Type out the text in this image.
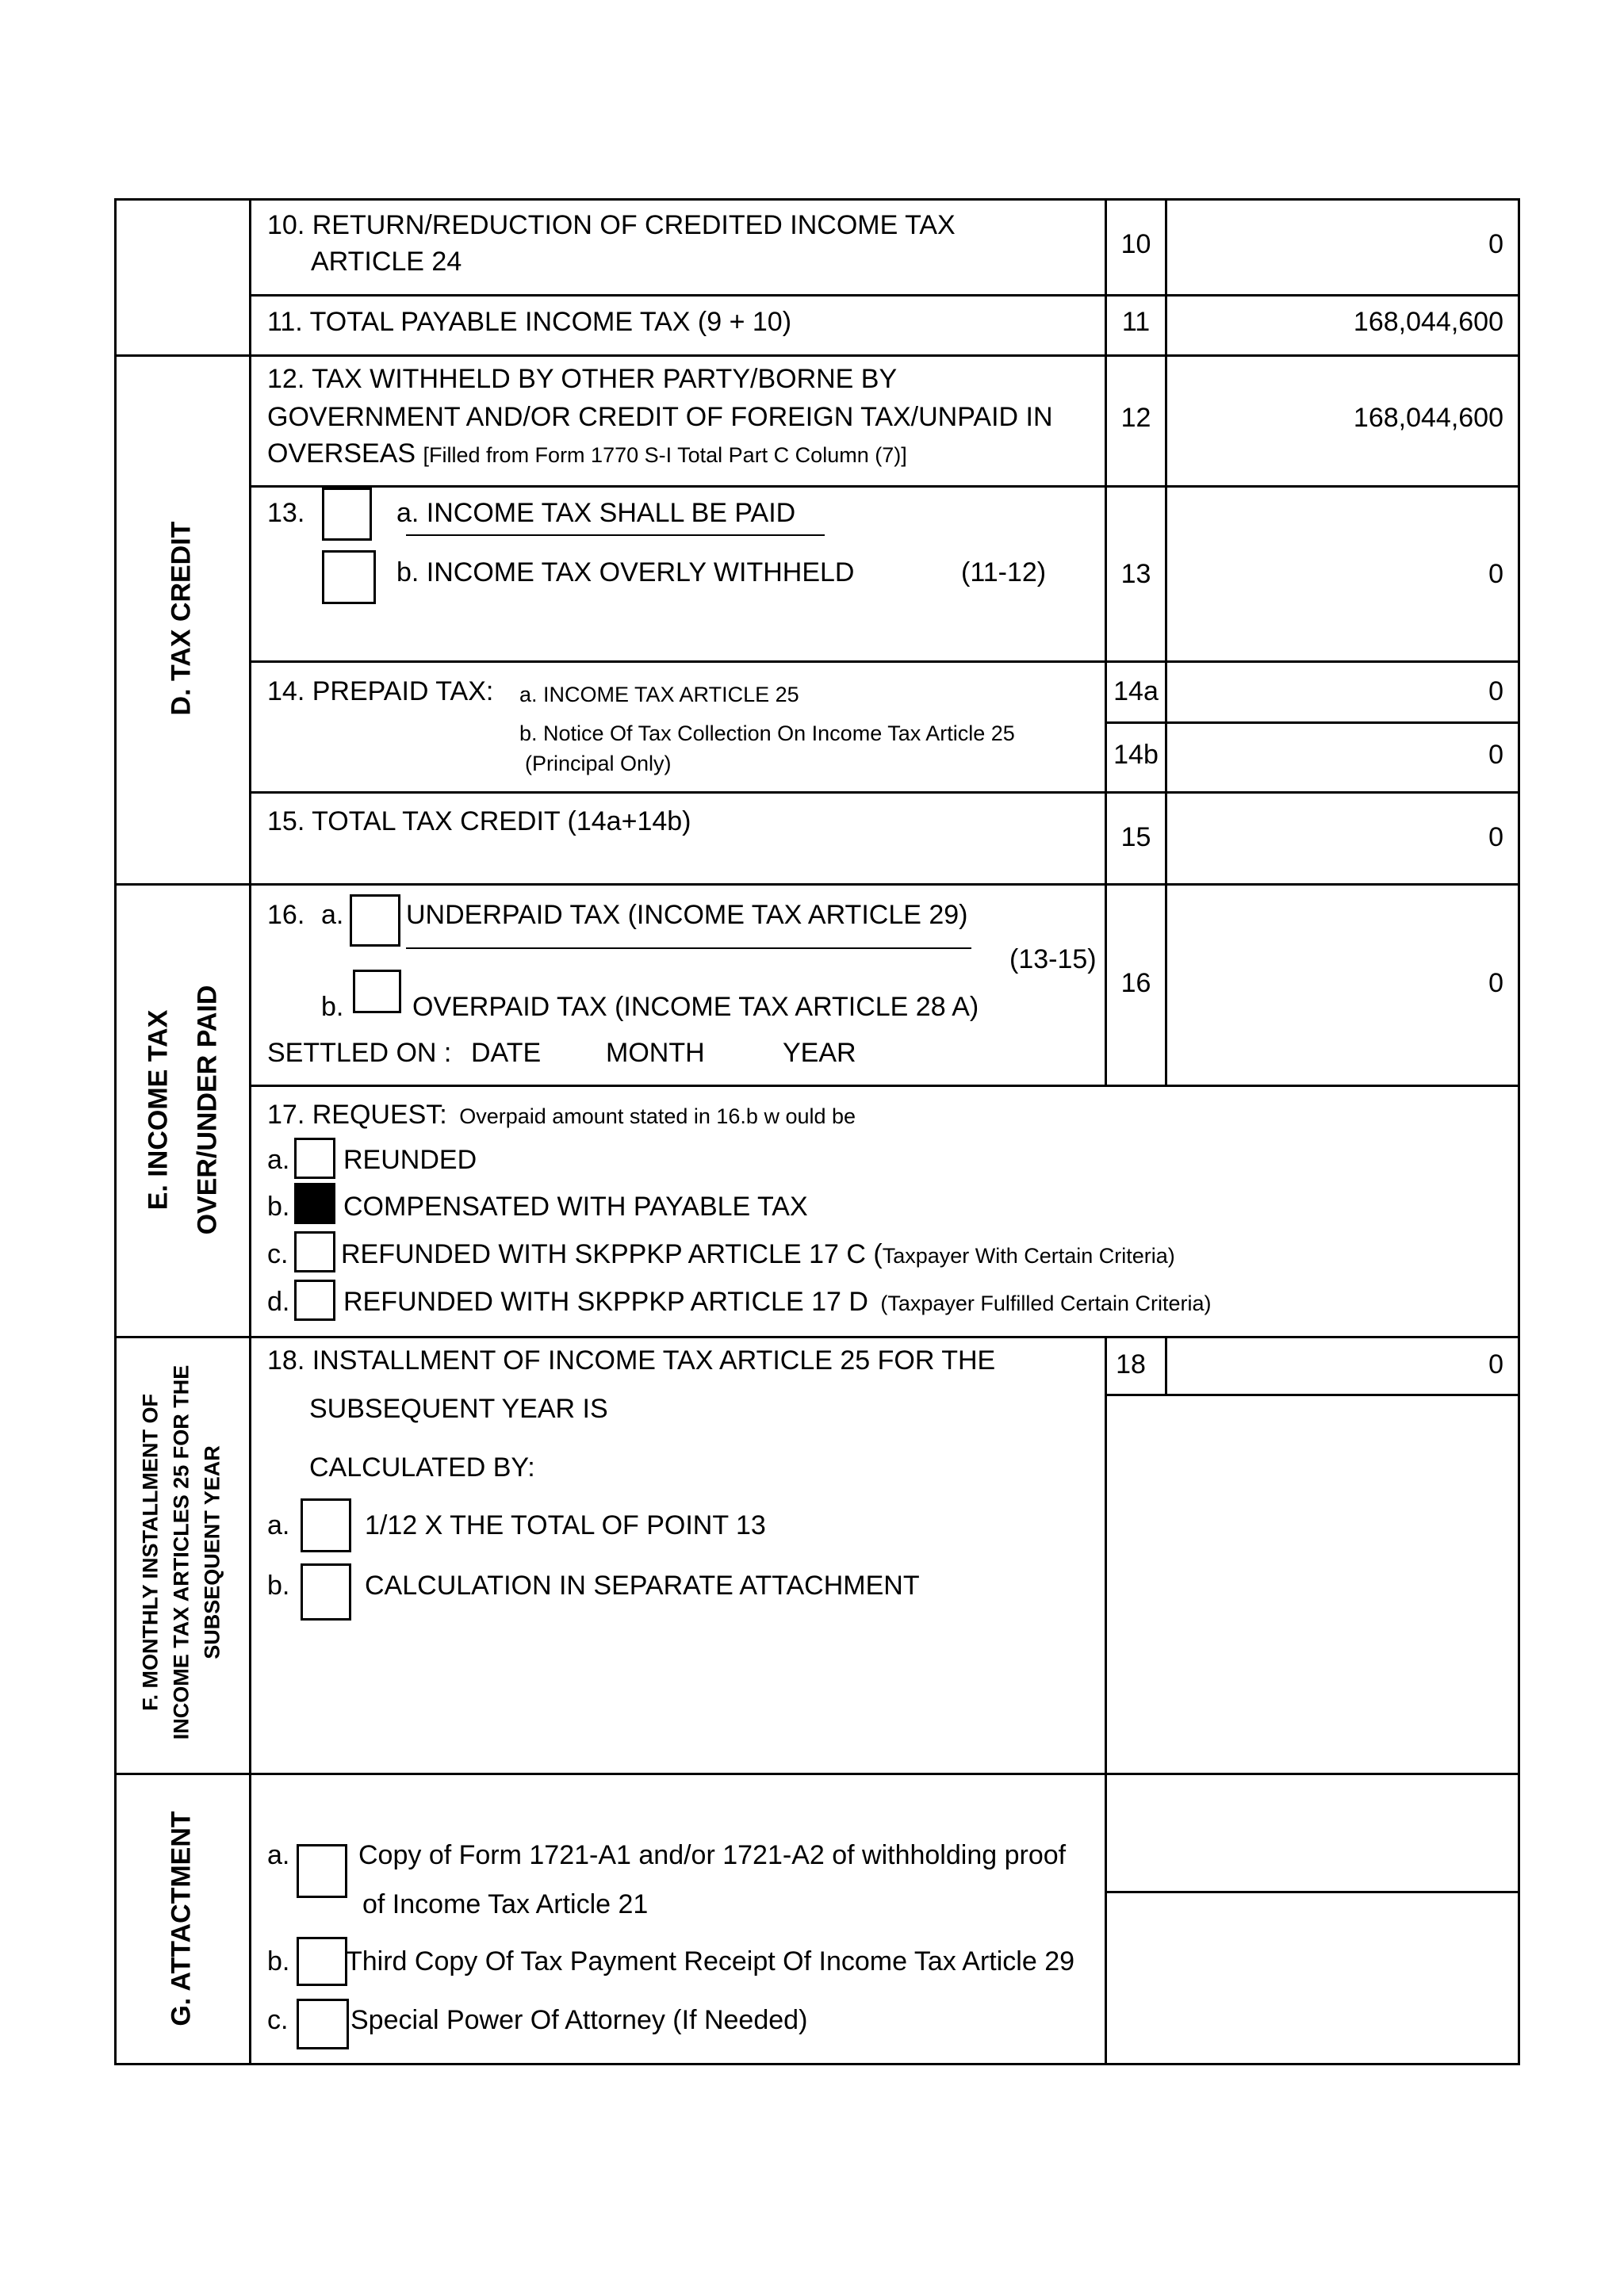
D. TAX CREDIT
E. INCOME TAX OVER/UNDER PAID
F. MONTHLY INSTALLMENT OF INCOME TAX ARTICLES 25 FOR THE SUBSEQUENT YEAR
G. ATTACTMENT
10. RETURN/REDUCTION OF CREDITED INCOME TAX
ARTICLE 24
10	0
11. TOTAL PAYABLE INCOME TAX (9 + 10)	11	168,044,600
12. TAX WITHHELD BY OTHER PARTY/BORNE BY
GOVERNMENT AND/OR CREDIT OF FOREIGN TAX/UNPAID IN
OVERSEAS [Filled from Form 1770 S-I Total Part C Column (7)]
12	168,044,600
13.	a. INCOME TAX SHALL BE PAID
b. INCOME TAX OVERLY WITHHELD	(11-12)	13	0
14. PREPAID TAX: a. INCOME TAX ARTICLE 25
b. Notice Of Tax Collection On Income Tax Article 25
(Principal Only)
14a	0
14b	0
15. TOTAL TAX CREDIT (14a+14b)
15	0
16. a. UNDERPAID TAX (INCOME TAX ARTICLE 29)
(13-15)
b.	OVERPAID TAX (INCOME TAX ARTICLE 28 A)
SETTLED ON : DATE MONTH	YEAR
16	0
17. REQUEST: Overpaid amount stated in 16.b w ould be
a. REUNDED
b. COMPENSATED WITH PAYABLE TAX
c. REFUNDED WITH SKPPKP ARTICLE 17 C (Taxpayer With Certain Criteria)
d. REFUNDED WITH SKPPKP ARTICLE 17 D (Taxpayer Fulfilled Certain Criteria)
18. INSTALLMENT OF INCOME TAX ARTICLE 25 FOR THE
SUBSEQUENT YEAR IS
CALCULATED BY:
a.	1/12 X THE TOTAL OF POINT 13
b.	CALCULATION IN SEPARATE ATTACHMENT
18	0
a.	Copy of Form 1721-A1 and/or 1721-A2 of withholding proof
of Income Tax Article 21
b. Third Copy Of Tax Payment Receipt Of Income Tax Article 29
c. Special Power Of Attorney (If Needed)
